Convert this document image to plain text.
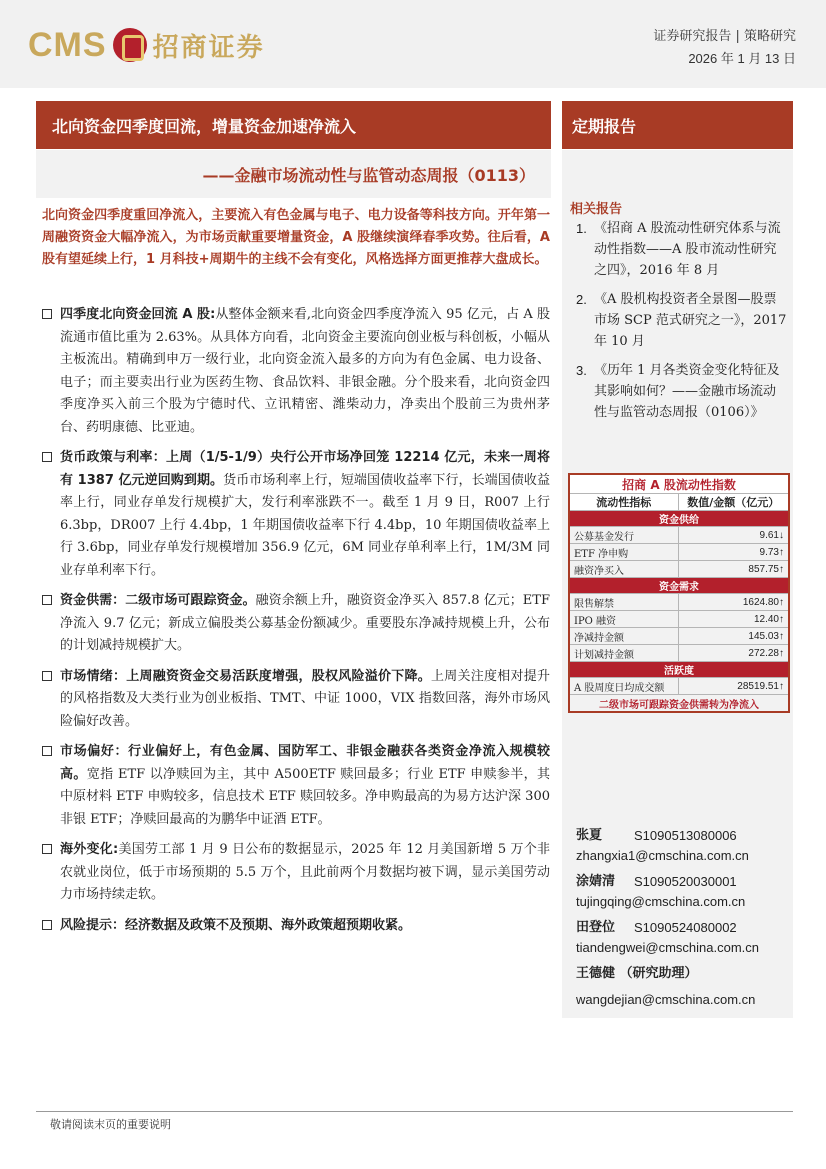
CMS 招商证券	证券研究报告 | 策略研究
2026 年 1 月 13 日
北向资金四季度回流，增量资金加速净流入
——金融市场流动性与监管动态周报（0113）
定期报告
北向资金四季度重回净流入，主要流入有色金属与电子、电力设备等科技方向。开年第一周融资资金大幅净流入，为市场贡献重要增量资金，A 股继续演绎春季攻势。往后看，A 股有望延续上行，1 月科技+周期牛的主线不会有变化，风格选择方面更推荐大盘成长。
四季度北向资金回流 A 股:从整体金额来看,北向资金四季度净流入 95 亿元，占 A 股流通市值比重为 2.63%。从具体方向看，北向资金主要流向创业板与科创板，小幅从主板流出。精确到申万一级行业，北向资金流入最多的方向为有色金属、电力设备、电子；而主要卖出行业为医药生物、食品饮料、非银金融。分个股来看，北向资金四季度净买入前三个股为宁德时代、立讯精密、潍柴动力，净卖出个股前三为贵州茅台、药明康德、比亚迪。
货币政策与利率：上周（1/5-1/9）央行公开市场净回笼 12214 亿元，未来一周将有 1387 亿元逆回购到期。货币市场利率上行，短端国债收益率下行，长端国债收益率上行，同业存单发行规模扩大，发行利率涨跌不一。截至 1 月 9 日，R007 上行 6.3bp，DR007 上行 4.4bp，1 年期国债收益率下行 4.4bp，10 年期国债收益率上行 3.6bp，同业存单发行规模增加 356.9 亿元，6M 同业存单利率上行，1M/3M 同业存单利率下行。
资金供需：二级市场可跟踪资金。融资余额上升，融资资金净买入 857.8 亿元；ETF 净流入 9.7 亿元；新成立偏股类公募基金份额减少。重要股东净减持规模上升，公布的计划减持规模扩大。
市场情绪：上周融资资金交易活跃度增强，股权风险溢价下降。上周关注度相对提升的风格指数及大类行业为创业板指、TMT、中证 1000，VIX 指数回落，海外市场风险偏好改善。
市场偏好：行业偏好上，有色金属、国防军工、非银金融获各类资金净流入规模较高。宽指 ETF 以净赎回为主，其中 A500ETF 赎回最多；行业 ETF 申赎参半，其中原材料 ETF 申购较多，信息技术 ETF 赎回较多。净申购最高的为易方达沪深 300 非银 ETF；净赎回最高的为鹏华中证酒 ETF。
海外变化:美国劳工部 1 月 9 日公布的数据显示，2025 年 12 月美国新增 5 万个非农就业岗位，低于市场预期的 5.5 万个，且此前两个月数据均被下调，显示美国劳动力市场持续走软。
风险提示：经济数据及政策不及预期、海外政策超预期收紧。
相关报告
1. 《招商 A 股流动性研究体系与流动性指数——A 股市流动性研究之四》，2016 年 8 月
2. 《A 股机构投资者全景图—股票市场 SCP 范式研究之一》，2017 年 10 月
3. 《历年 1 月各类资金变化特征及其影响如何？——金融市场流动性与监管动态周报（0106）》
招商 A 股流动性指数	
流动性指标	数值/金额（亿元）
资金供给	
公募基金发行	9.61↓
ETF 净申购	9.73↑
融资净买入	857.75↑
资金需求	
限售解禁	1624.80↑
IPO 融资	12.40↑
净减持金额	145.03↑
计划减持金额	272.28↑
活跃度	
A 股周度日均成交额	28519.51↑
二级市场可跟踪资金供需转为净流入	
张夏	S1090513080006
zhangxia1@cmschina.com.cn
涂婧清	S1090520030001
tujingqing@cmschina.com.cn
田登位	S1090524080002
tiandengwei@cmschina.com.cn
王德健 （研究助理）
wangdejian@cmschina.com.cn
敬请阅读末页的重要说明
